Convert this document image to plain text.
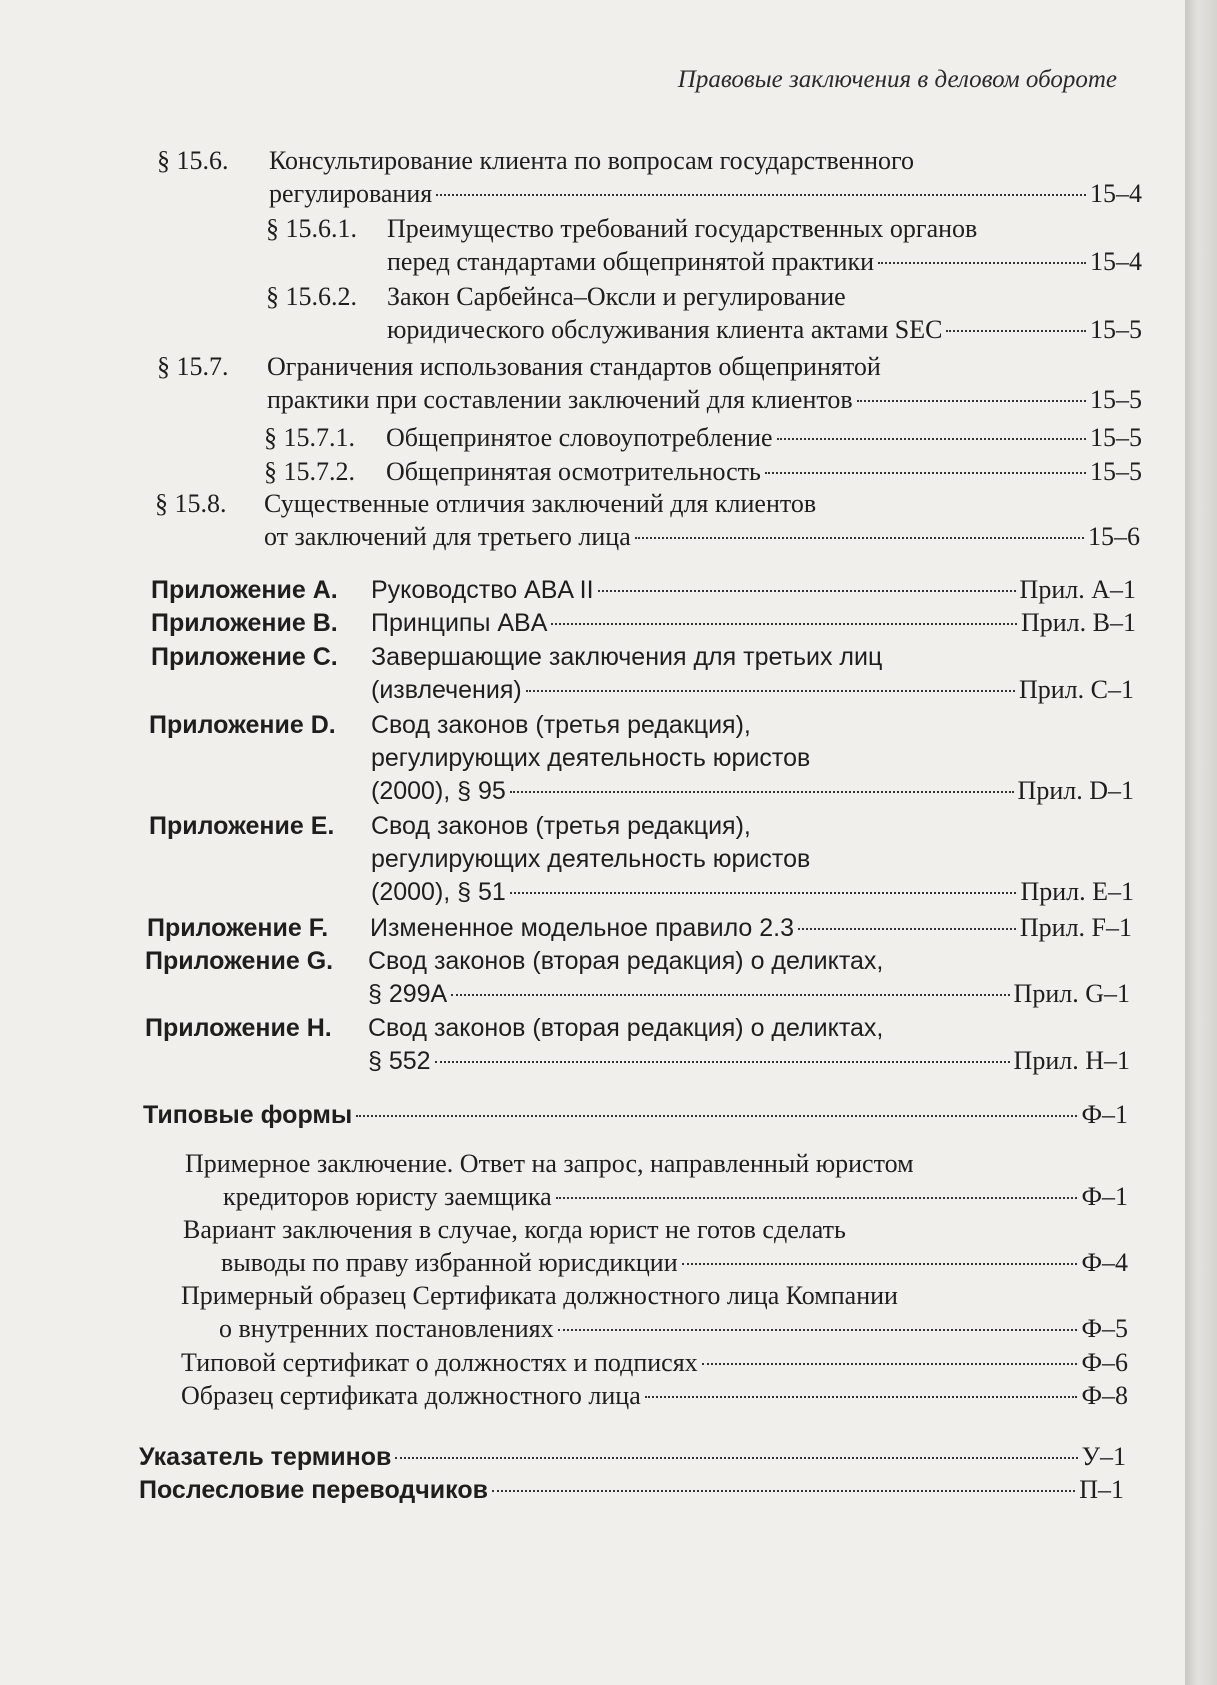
Правовые заключения в деловом обороте
§ 15.6. Консультирование клиента по вопросам государственного
регулирования	15–4
§ 15.6.1. Преимущество требований государственных органов
перед стандартами общепринятой практики	15–4
§ 15.6.2. Закон Сарбейнса–Оксли и регулирование
юридического обслуживания клиента актами SEC	15–5
§ 15.7. Ограничения использования стандартов общепринятой
практики при составлении заключений для клиентов	15–5
§ 15.7.1. Общепринятое словоупотребление	15–5
§ 15.7.2. Общепринятая осмотрительность	15–5
§ 15.8. Существенные отличия заключений для клиентов
от заключений для третьего лица	15–6
Приложение A. Руководство ABA II	Прил. A–1
Приложение B. Принципы ABA	Прил. B–1
Приложение C. Завершающие заключения для третьих лиц
(извлечения)	Прил. C–1
Приложение D. Свод законов (третья редакция),
регулирующих деятельность юристов
(2000), § 95	Прил. D–1
Приложение E. Свод законов (третья редакция),
регулирующих деятельность юристов
(2000), § 51	Прил. E–1
Приложение F. Измененное модельное правило 2.3	Прил. F–1
Приложение G. Свод законов (вторая редакция) о деликтах,
§ 299A	Прил. G–1
Приложение H. Свод законов (вторая редакция) о деликтах,
§ 552	Прил. H–1
Типовые формы	Ф–1
Примерное заключение. Ответ на запрос, направленный юристом
кредиторов юристу заемщика	Ф–1
Вариант заключения в случае, когда юрист не готов сделать
выводы по праву избранной юрисдикции	Ф–4
Примерный образец Сертификата должностного лица Компании
о внутренних постановлениях	Ф–5
Типовой сертификат о должностях и подписях	Ф–6
Образец сертификата должностного лица	Ф–8
Указатель терминов	У–1
Послесловие переводчиков	П–1
